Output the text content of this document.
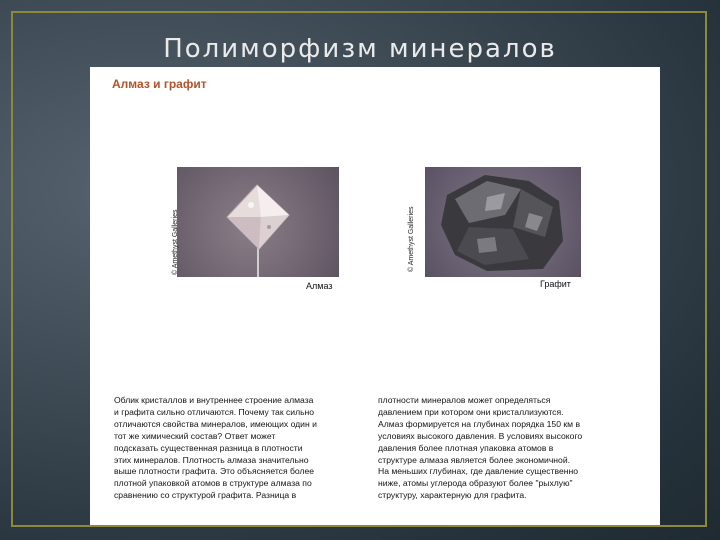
Полиморфизм минералов
Алмаз и графит
© Amethyst Galleries
Алмаз
© Amethyst Galleries
Графит
Облик кристаллов и внутреннее строение алмаза
и графита сильно отличаются. Почему так сильно
отличаются свойства минералов, имеющих один и
тот же химический состав? Ответ может
подсказать существенная разница в плотности
этих минералов. Плотность алмаза значительно
выше плотности графита. Это объясняется более
плотной упаковкой атомов в структуре алмаза по
сравнению со структурой графита. Разница в
плотности минералов может определяться
давлением при котором они кристаллизуются.
Алмаз формируется на глубинах порядка 150 км в
условиях высокого давления. В условиях высокого
давления более плотная упаковка атомов в
структуре алмаза является более экономичной.
На меньших глубинах, где давление существенно
ниже, атомы углерода образуют более "рыхлую"
структуру, характерную для графита.
